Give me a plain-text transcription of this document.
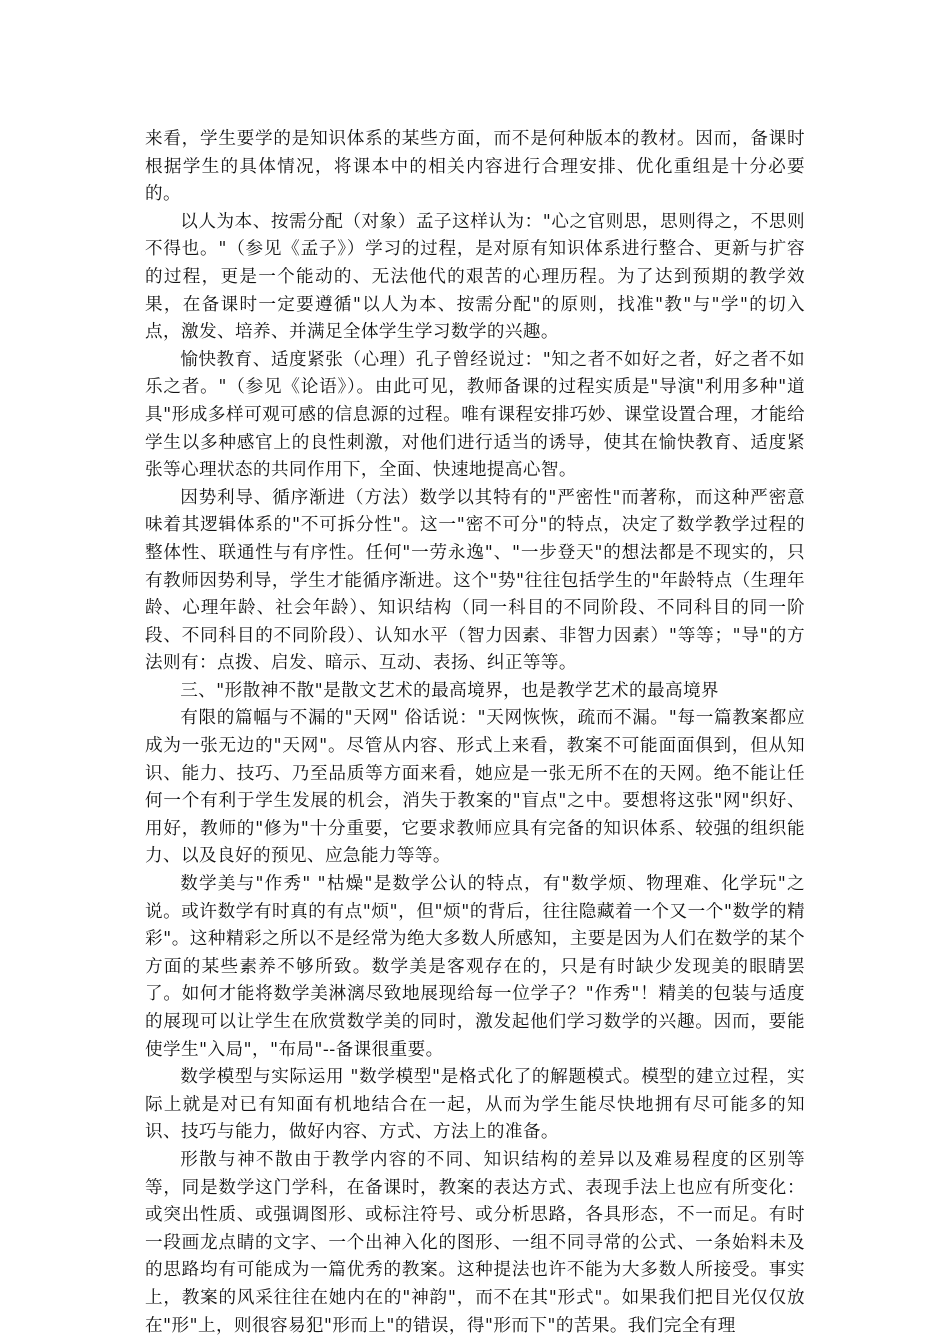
来看，学生要学的是知识体系的某些方面，而不是何种版本的教材。因而，备课时根据学生的具体情况，将课本中的相关内容进行合理安排、优化重组是十分必要的。

以人为本、按需分配（对象）孟子这样认为："心之官则思，思则得之，不思则不得也。"（参见《孟子》）学习的过程，是对原有知识体系进行整合、更新与扩容的过程，更是一个能动的、无法他代的艰苦的心理历程。为了达到预期的教学效果，在备课时一定要遵循"以人为本、按需分配"的原则，找准"教"与"学"的切入点，激发、培养、并满足全体学生学习数学的兴趣。

愉快教育、适度紧张（心理）孔子曾经说过："知之者不如好之者，好之者不如乐之者。"（参见《论语》）。由此可见，教师备课的过程实质是"导演"利用多种"道具"形成多样可观可感的信息源的过程。唯有课程安排巧妙、课堂设置合理，才能给学生以多种感官上的良性刺激，对他们进行适当的诱导，使其在愉快教育、适度紧张等心理状态的共同作用下，全面、快速地提高心智。

因势利导、循序渐进（方法）数学以其特有的"严密性"而著称，而这种严密意味着其逻辑体系的"不可拆分性"。这一"密不可分"的特点，决定了数学教学过程的整体性、联通性与有序性。任何"一劳永逸"、"一步登天"的想法都是不现实的，只有教师因势利导，学生才能循序渐进。这个"势"往往包括学生的"年龄特点（生理年龄、心理年龄、社会年龄）、知识结构（同一科目的不同阶段、不同科目的同一阶段、不同科目的不同阶段）、认知水平（智力因素、非智力因素）"等等；"导"的方法则有：点拨、启发、暗示、互动、表扬、纠正等等。

三、"形散神不散"是散文艺术的最高境界，也是教学艺术的最高境界

有限的篇幅与不漏的"天网" 俗话说："天网恢恢，疏而不漏。"每一篇教案都应成为一张无边的"天网"。尽管从内容、形式上来看，教案不可能面面俱到，但从知识、能力、技巧、乃至品质等方面来看，她应是一张无所不在的天网。绝不能让任何一个有利于学生发展的机会，消失于教案的"盲点"之中。要想将这张"网"织好、用好，教师的"修为"十分重要，它要求教师应具有完备的知识体系、较强的组织能力、以及良好的预见、应急能力等等。

数学美与"作秀" "枯燥"是数学公认的特点，有"数学烦、物理难、化学玩"之说。或许数学有时真的有点"烦"，但"烦"的背后，往往隐藏着一个又一个"数学的精彩"。这种精彩之所以不是经常为绝大多数人所感知，主要是因为人们在数学的某个方面的某些素养不够所致。数学美是客观存在的，只是有时缺少发现美的眼睛罢了。如何才能将数学美淋漓尽致地展现给每一位学子？"作秀"！精美的包装与适度的展现可以让学生在欣赏数学美的同时，激发起他们学习数学的兴趣。因而，要能使学生"入局"，"布局"--备课很重要。

数学模型与实际运用 "数学模型"是格式化了的解题模式。模型的建立过程，实际上就是对已有知面有机地结合在一起，从而为学生能尽快地拥有尽可能多的知识、技巧与能力，做好内容、方式、方法上的准备。

形散与神不散由于教学内容的不同、知识结构的差异以及难易程度的区别等等，同是数学这门学科，在备课时，教案的表达方式、表现手法上也应有所变化：或突出性质、或强调图形、或标注符号、或分析思路，各具形态，不一而足。有时一段画龙点睛的文字、一个出神入化的图形、一组不同寻常的公式、一条始料未及的思路均有可能成为一篇优秀的教案。这种提法也许不能为大多数人所接受。事实上，教案的风采往往在她内在的"神韵"，而不在其"形式"。如果我们把目光仅仅放在"形"上，则很容易犯"形而上"的错误，得"形而下"的苦果。我们完全有理
